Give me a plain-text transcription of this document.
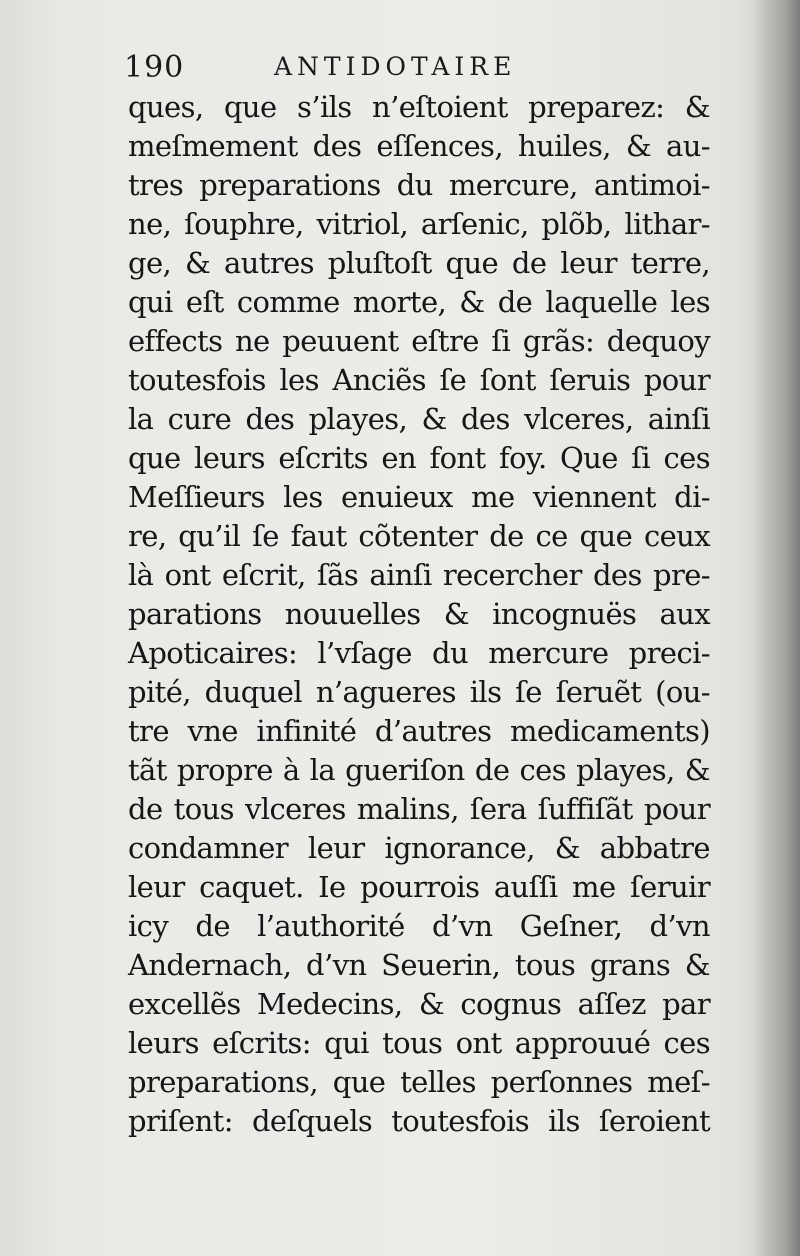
190	ANTIDOTAIRE
ques, que s’ils n’eſtoient preparez: &
meſmement des eſſences, huiles, & au-
tres preparations du mercure, antimoi-
ne, ſouphre, vitriol, arſenic, plõb, lithar-
ge, & autres pluſtoſt que de leur terre,
qui eſt comme morte, & de laquelle les
effects ne peuuent eſtre ſi grãs: dequoy
toutesfois les Anciẽs ſe ſont ſeruis pour
la cure des playes, & des vlceres, ainſi
que leurs eſcrits en font foy. Que ſi ces
Meſſieurs les enuieux me viennent di-
re, qu’il ſe faut cõtenter de ce que ceux
là ont eſcrit, ſãs ainſi recercher des pre-
parations nouuelles & incognuës aux
Apoticaires: l’vſage du mercure preci-
pité, duquel n’agueres ils ſe ſeruẽt (ou-
tre vne infinité d’autres medicaments)
tãt propre à la gueriſon de ces playes, &
de tous vlceres malins, ſera ſuffiſãt pour
condamner leur ignorance, & abbatre
leur caquet. Ie pourrois auſſi me ſeruir
icy de l’authorité d’vn Geſner, d’vn
Andernach, d’vn Seuerin, tous grans &
excellẽs Medecins, & cognus aſſez par
leurs eſcrits: qui tous ont approuué ces
preparations, que telles perſonnes meſ-
priſent: deſquels toutesfois ils ſeroient
